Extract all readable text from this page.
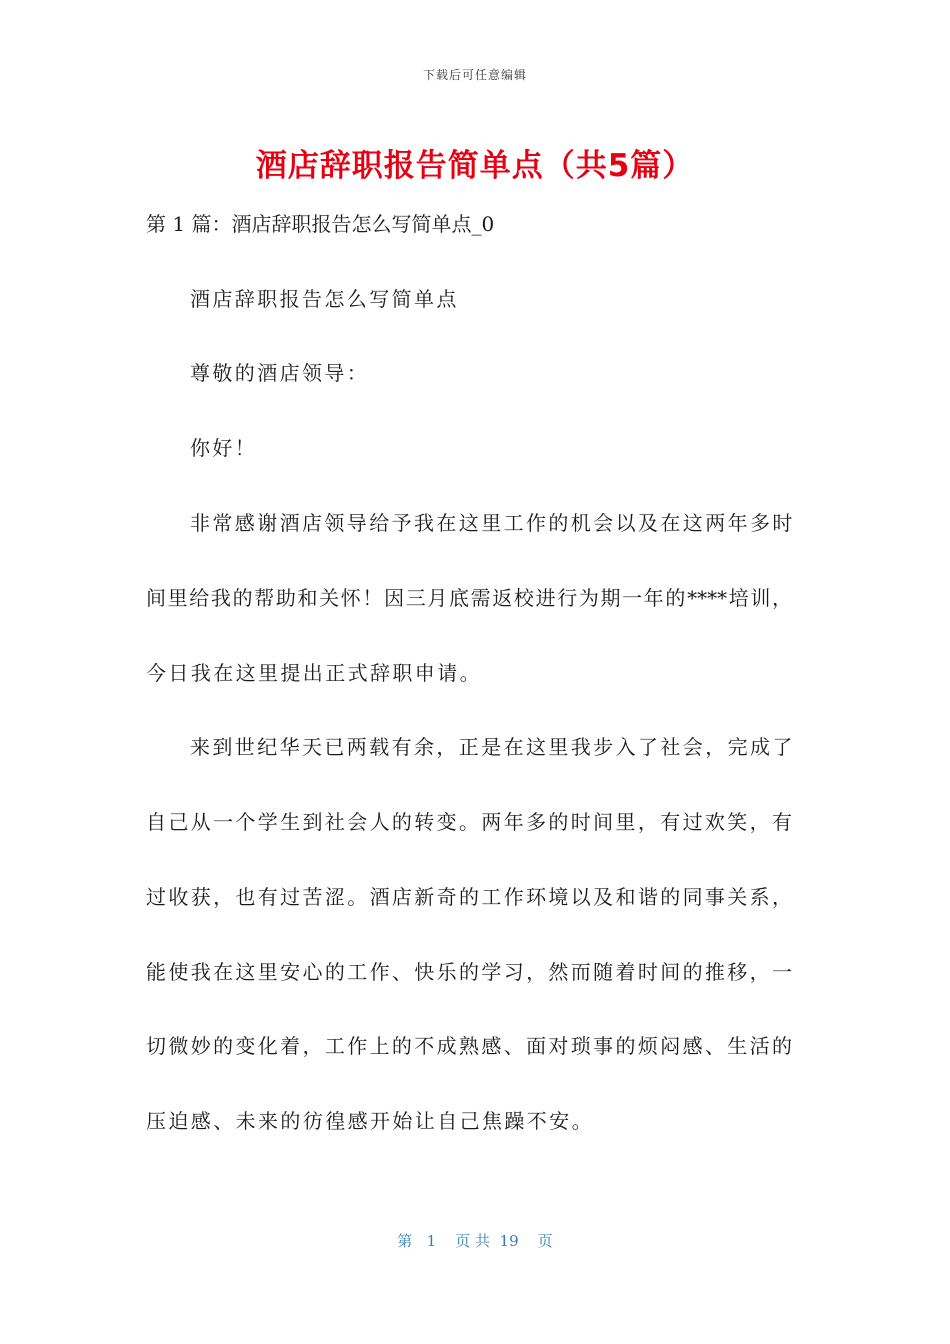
下载后可任意编辑
酒店辞职报告简单点（共5篇）
第 1 篇：酒店辞职报告怎么写简单点_0
酒店辞职报告怎么写简单点
尊敬的酒店领导：
你好！
非常感谢酒店领导给予我在这里工作的机会以及在这两年多时
间里给我的帮助和关怀！因三月底需返校进行为期一年的****培训，
今日我在这里提出正式辞职申请。
来到世纪华天已两载有余，正是在这里我步入了社会，完成了
自己从一个学生到社会人的转变。两年多的时间里，有过欢笑，有
过收获，也有过苦涩。酒店新奇的工作环境以及和谐的同事关系，
能使我在这里安心的工作、快乐的学习，然而随着时间的推移，一
切微妙的变化着，工作上的不成熟感、面对琐事的烦闷感、生活的
压迫感、未来的彷徨感开始让自己焦躁不安。
第   1    页 共  19    页
